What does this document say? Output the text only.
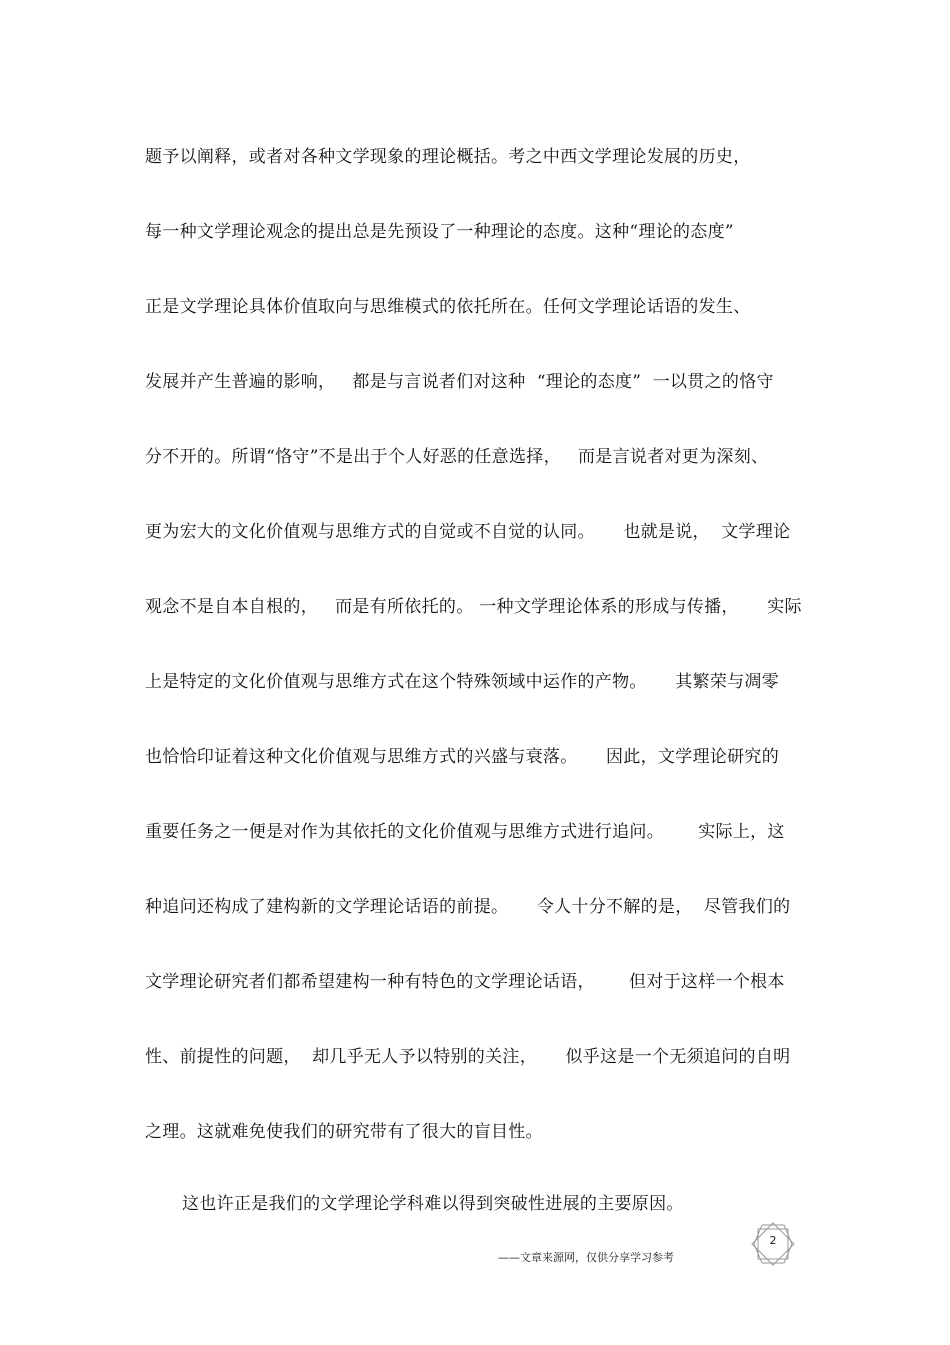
题予以阐释，或者对各种文学现象的理论概括。考之中西文学理论发展的历史，
每一种文学理论观念的提出总是先预设了一种理论的态度。这种“理论的态度”
正是文学理论具体价值取向与思维模式的依托所在。任何文学理论话语的发生、
发展并产生普遍的影响，   都是与言说者们对这种  “理论的态度”  一以贯之的恪守
分不开的。所谓“恪守”不是出于个人好恶的任意选择，   而是言说者对更为深刻、
更为宏大的文化价值观与思维方式的自觉或不自觉的认同。     也就是说，  文学理论
观念不是自本自根的，   而是有所依托的。 一种文学理论体系的形成与传播，     实际
上是特定的文化价值观与思维方式在这个特殊领域中运作的产物。     其繁荣与凋零
也恰恰印证着这种文化价值观与思维方式的兴盛与衰落。     因此，文学理论研究的
重要任务之一便是对作为其依托的文化价值观与思维方式进行追问。      实际上，这
种追问还构成了建构新的文学理论话语的前提。     令人十分不解的是，  尽管我们的
文学理论研究者们都希望建构一种有特色的文学理论话语，      但对于这样一个根本
性、前提性的问题，  却几乎无人予以特别的关注，     似乎这是一个无须追问的自明
之理。这就难免使我们的研究带有了很大的盲目性。
这也许正是我们的文学理论学科难以得到突破性进展的主要原因。
2
——文章来源网，仅供分享学习参考
